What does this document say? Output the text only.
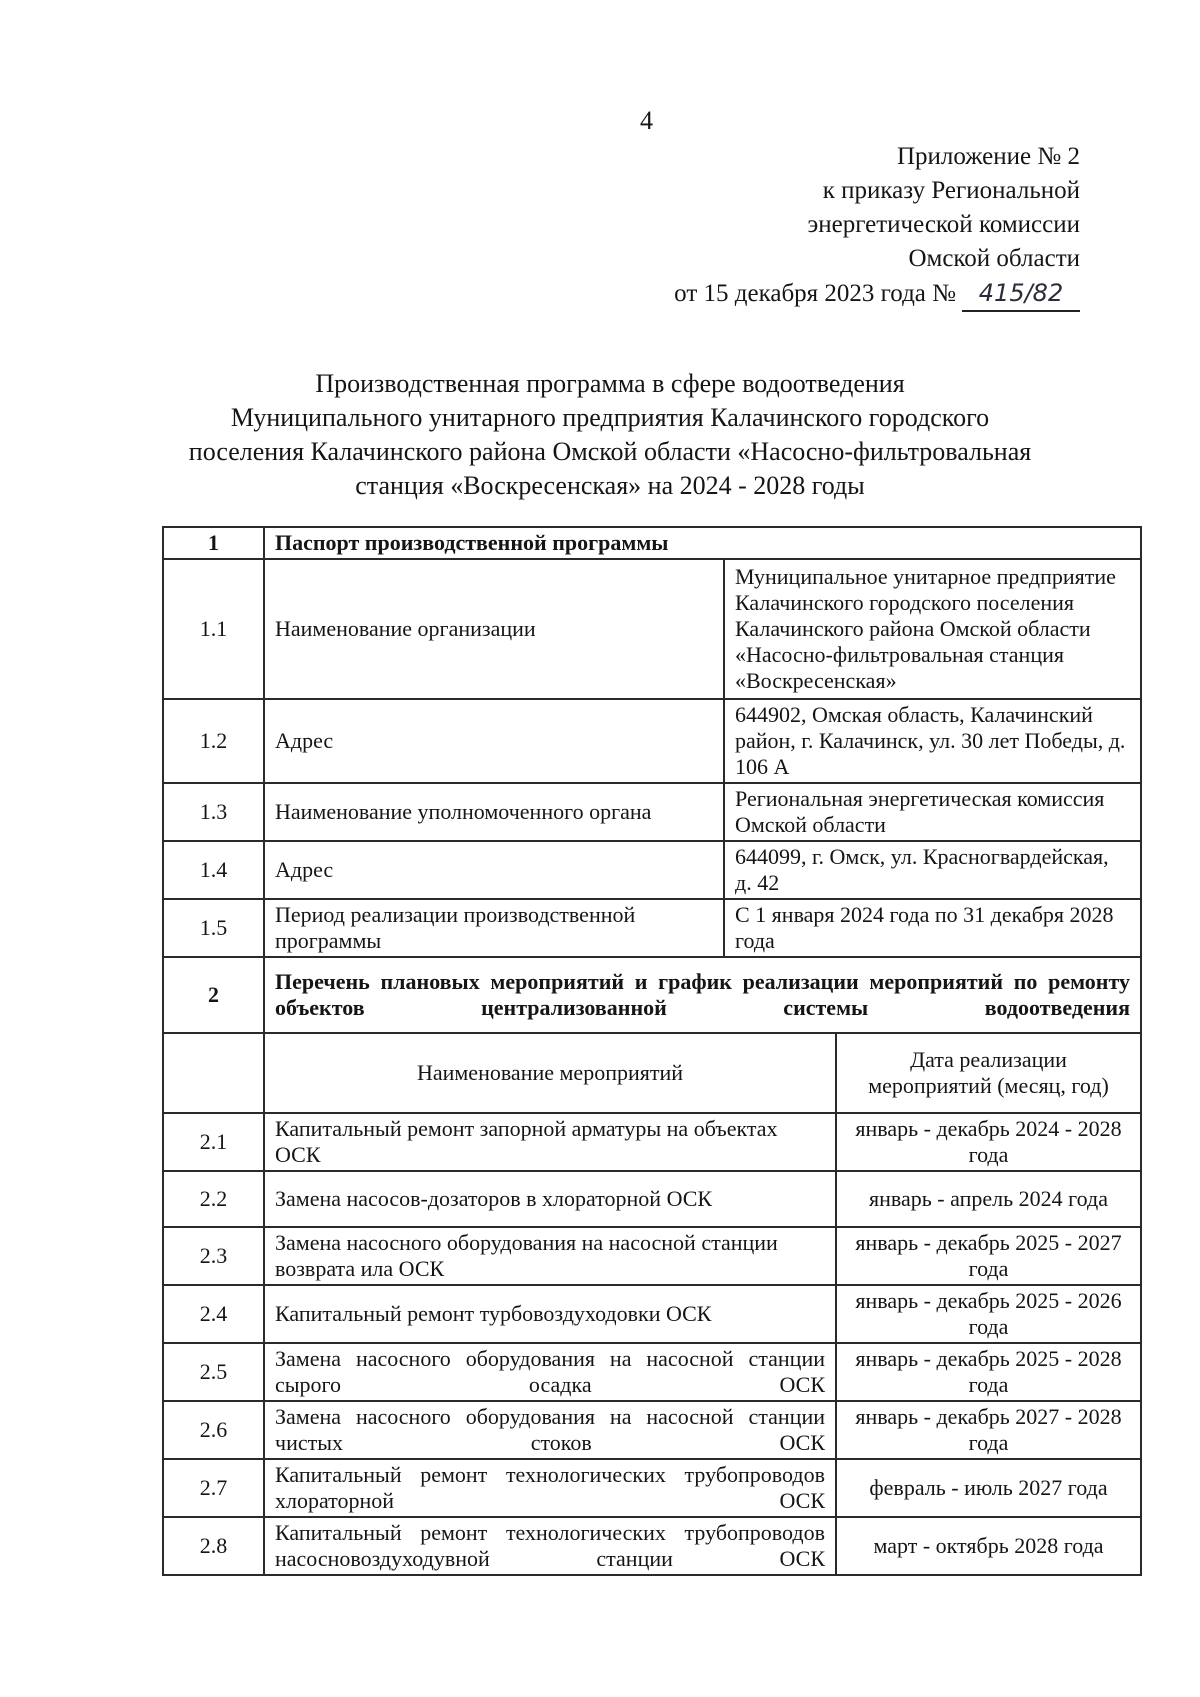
4
Приложение № 2
к приказу Региональной
энергетической комиссии
Омской области
от 15 декабря 2023 года № 415/82
Производственная программа в сфере водоотведения
Муниципального унитарного предприятия Калачинского городского
поселения Калачинского района Омской области «Насосно-фильтровальная
станция «Воскресенская» на 2024 - 2028 годы
1	Паспорт производственной программы		
1.1	Наименование организации	Муниципальное унитарное предприятие Калачинского городского поселения Калачинского района Омской области «Насосно-фильтровальная станция «Воскресенская»	
1.2	Адрес	644902, Омская область, Калачинский район, г. Калачинск, ул. 30 лет Победы, д. 106 А	
1.3	Наименование уполномоченного органа	Региональная энергетическая комиссия Омской области	
1.4	Адрес	644099, г. Омск, ул. Красногвардейская, д. 42	
1.5	Период реализации производственной программы	С 1 января 2024 года по 31 декабря 2028 года	
2	Перечень плановых мероприятий и график реализации мероприятий по ремонту объектов централизованной системы водоотведения		
	Наименование мероприятий		Дата реализации мероприятий (месяц, год)
2.1	Капитальный ремонт запорной арматуры на объектах ОСК		январь - декабрь 2024 - 2028 года
2.2	Замена насосов-дозаторов в хлораторной ОСК		январь - апрель 2024 года
2.3	Замена насосного оборудования на насосной станции возврата ила ОСК		январь - декабрь 2025 - 2027 года
2.4	Капитальный ремонт турбовоздуходовки ОСК		январь - декабрь 2025 - 2026 года
2.5	Замена насосного оборудования на насосной станции сырого осадка ОСК		январь - декабрь 2025 - 2028 года
2.6	Замена насосного оборудования на насосной станции чистых стоков ОСК		январь - декабрь 2027 - 2028 года
2.7	Капитальный ремонт технологических трубопроводов хлораторной ОСК		февраль - июль 2027 года
2.8	Капитальный ремонт технологических трубопроводов насосновоздуходувной станции ОСК		март - октябрь 2028 года
